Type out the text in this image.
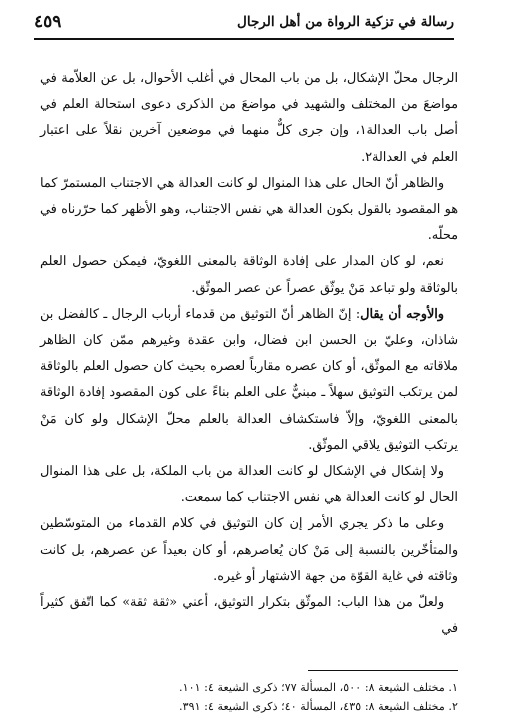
رسالة في تزكية الرواة من أهل الرجال
٤٥٩

الرجال محلّ الإشكال، بل من باب المحال في أغلب الأحوال، بل عن العلاّمة في مواضعَ من المختلف والشهيد في مواضعَ من الذكرى دعوى استحالة العلم في أصل باب العدالة١، وإن جرى كلٌّ منهما في موضعين آخرين نقلاً على اعتبار العلم في العدالة٢.

والظاهر أنّ الحال على هذا المنوال لو كانت العدالة هي الاجتناب المستمرّ كما هو المقصود بالقول بكون العدالة هي نفس الاجتناب، وهو الأظهر كما حرّرناه في محلّه.

نعم، لو كان المدار على إفادة الوثاقة بالمعنى اللغويّ، فيمكن حصول العلم بالوثاقة ولو تباعد مَنْ يوثّق عصراً عن عصر الموثّق.

والأوجه أن يقال: إنّ الظاهر أنّ التوثيق من قدماء أرباب الرجال ـ كالفضل بن شاذان، وعليّ بن الحسن ابن فضال، وابن عقدة وغيرهم ممّن كان الظاهر ملاقاته مع الموثّق، أو كان عصره مقارباً لعصره بحيث كان حصول العلم بالوثاقة لمن يرتكب التوثيق سهلاً ـ مبنيٌّ على العلم بناءً على كون المقصود إفادة الوثاقة بالمعنى اللغويّ، وإلاّ فاستكشاف العدالة بالعلم محلّ الإشكال ولو كان مَنْ يرتكب التوثيق يلاقي الموثّق.

ولا إشكال في الإشكال لو كانت العدالة من باب الملكة، بل على هذا المنوال الحال لو كانت العدالة هي نفس الاجتناب كما سمعت.

وعلى ما ذكر يجري الأمر إن كان التوثيق في كلام القدماء من المتوسّطين والمتأخّرين بالنسبة إلى مَنْ كان يُعاصرهم، أو كان بعيداً عن عصرهم، بل كانت وثاقته في غاية القوّة من جهة الاشتهار أو غيره.

ولعلّ من هذا الباب: الموثّق بتكرار التوثيق، أعني «ثقة ثقة» كما اتّفق كثيراً في

١. مختلف الشيعة ٨: ٥٠٠، المسألة ٧٧؛ ذكرى الشيعة ٤: ١٠١.
٢. مختلف الشيعة ٨: ٤٣٥، المسألة ٤٠؛ ذكرى الشيعة ٤: ٣٩١.
